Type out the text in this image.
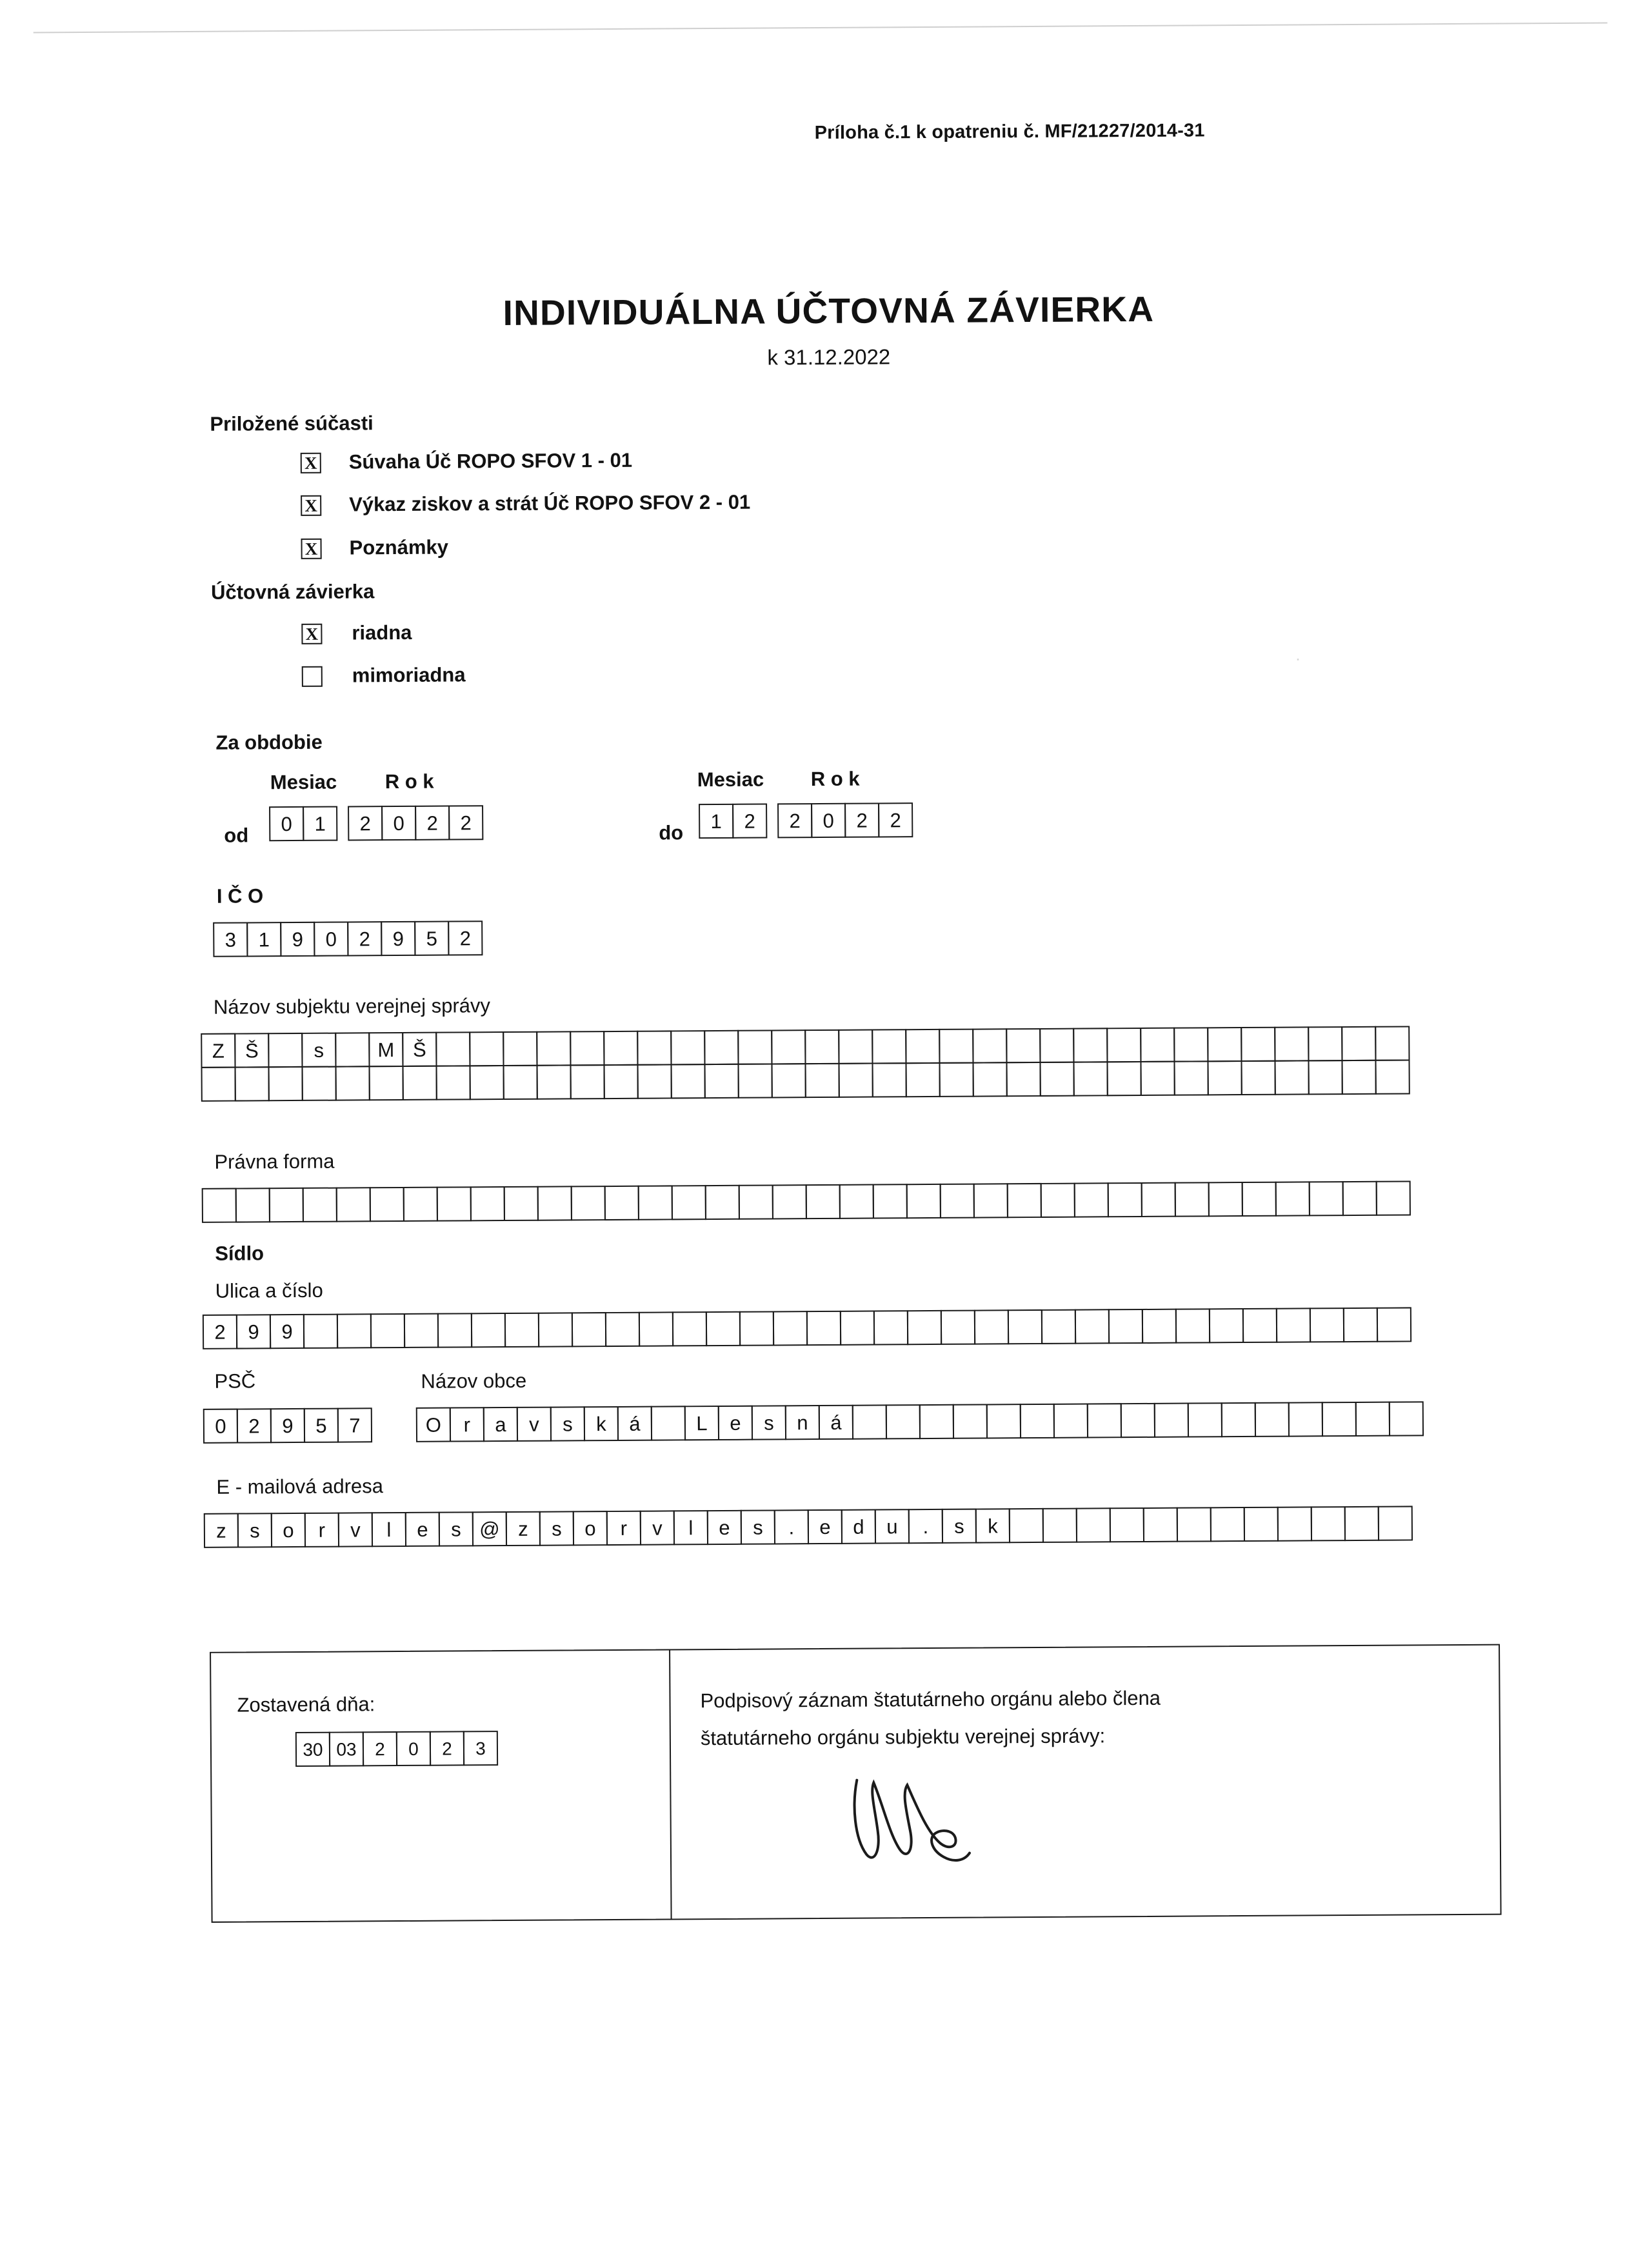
Príloha č.1 k opatreniu č. MF/21227/2014-31
INDIVIDUÁLNA ÚČTOVNÁ ZÁVIERKA
k 31.12.2022
Priložené súčasti
X Súvaha Úč ROPO SFOV 1 - 01
X Výkaz ziskov a strát Úč ROPO SFOV 2 - 01
X Poznámky
Účtovná závierka
X riadna
mimoriadna
Za obdobie
Mesiac R o k	Mesiac R o k
od	0	1	2	0	2	2	do	1	2	2	0	2	2
I Č O
3	1	9	0	2	9	5	2
Názov subjektu verejnej správy
Z	Š	s	M Š
Právna forma
Sídlo
Ulica a číslo
2	9	9
PSČ	Názov obce
0	2	9	5	7	O	r	a	v	s	k	á	L	e	s	n	á
E - mailová adresa
z	s	o	r	v	l	e	s @ z	s	o	r	v	l	e	s	.	e	d	u	.	s	k
Zostavená dňa:
30 03	2	0	2	3
Podpisový záznam štatutárneho orgánu alebo člena
štatutárneho orgánu subjektu verejnej správy:
·
